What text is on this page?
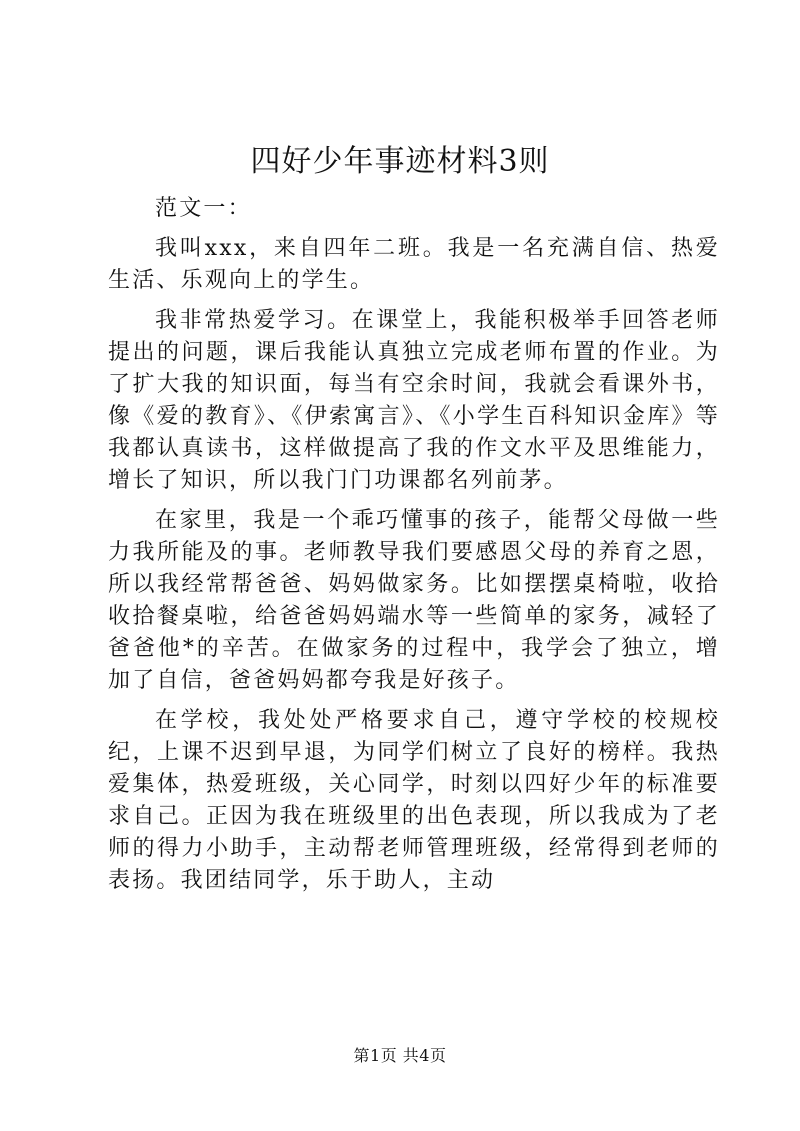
四好少年事迹材料3则

范文一：

我叫xxx，来自四年二班。我是一名充满自信、热爱生活、乐观向上的学生。

我非常热爱学习。在课堂上，我能积极举手回答老师提出的问题，课后我能认真独立完成老师布置的作业。为了扩大我的知识面，每当有空余时间，我就会看课外书，像《爱的教育》、《伊索寓言》、《小学生百科知识金库》等我都认真读书，这样做提高了我的作文水平及思维能力，增长了知识，所以我门门功课都名列前茅。

在家里，我是一个乖巧懂事的孩子，能帮父母做一些力我所能及的事。老师教导我们要感恩父母的养育之恩，所以我经常帮爸爸、妈妈做家务。比如摆摆桌椅啦，收拾收拾餐桌啦，给爸爸妈妈端水等一些简单的家务，减轻了爸爸他*的辛苦。在做家务的过程中，我学会了独立，增加了自信，爸爸妈妈都夸我是好孩子。

在学校，我处处严格要求自己，遵守学校的校规校纪，上课不迟到早退，为同学们树立了良好的榜样。我热爱集体，热爱班级，关心同学，时刻以四好少年的标准要求自己。正因为我在班级里的出色表现，所以我成为了老师的得力小助手，主动帮老师管理班级，经常得到老师的表扬。我团结同学，乐于助人，主动

第1页 共4页
